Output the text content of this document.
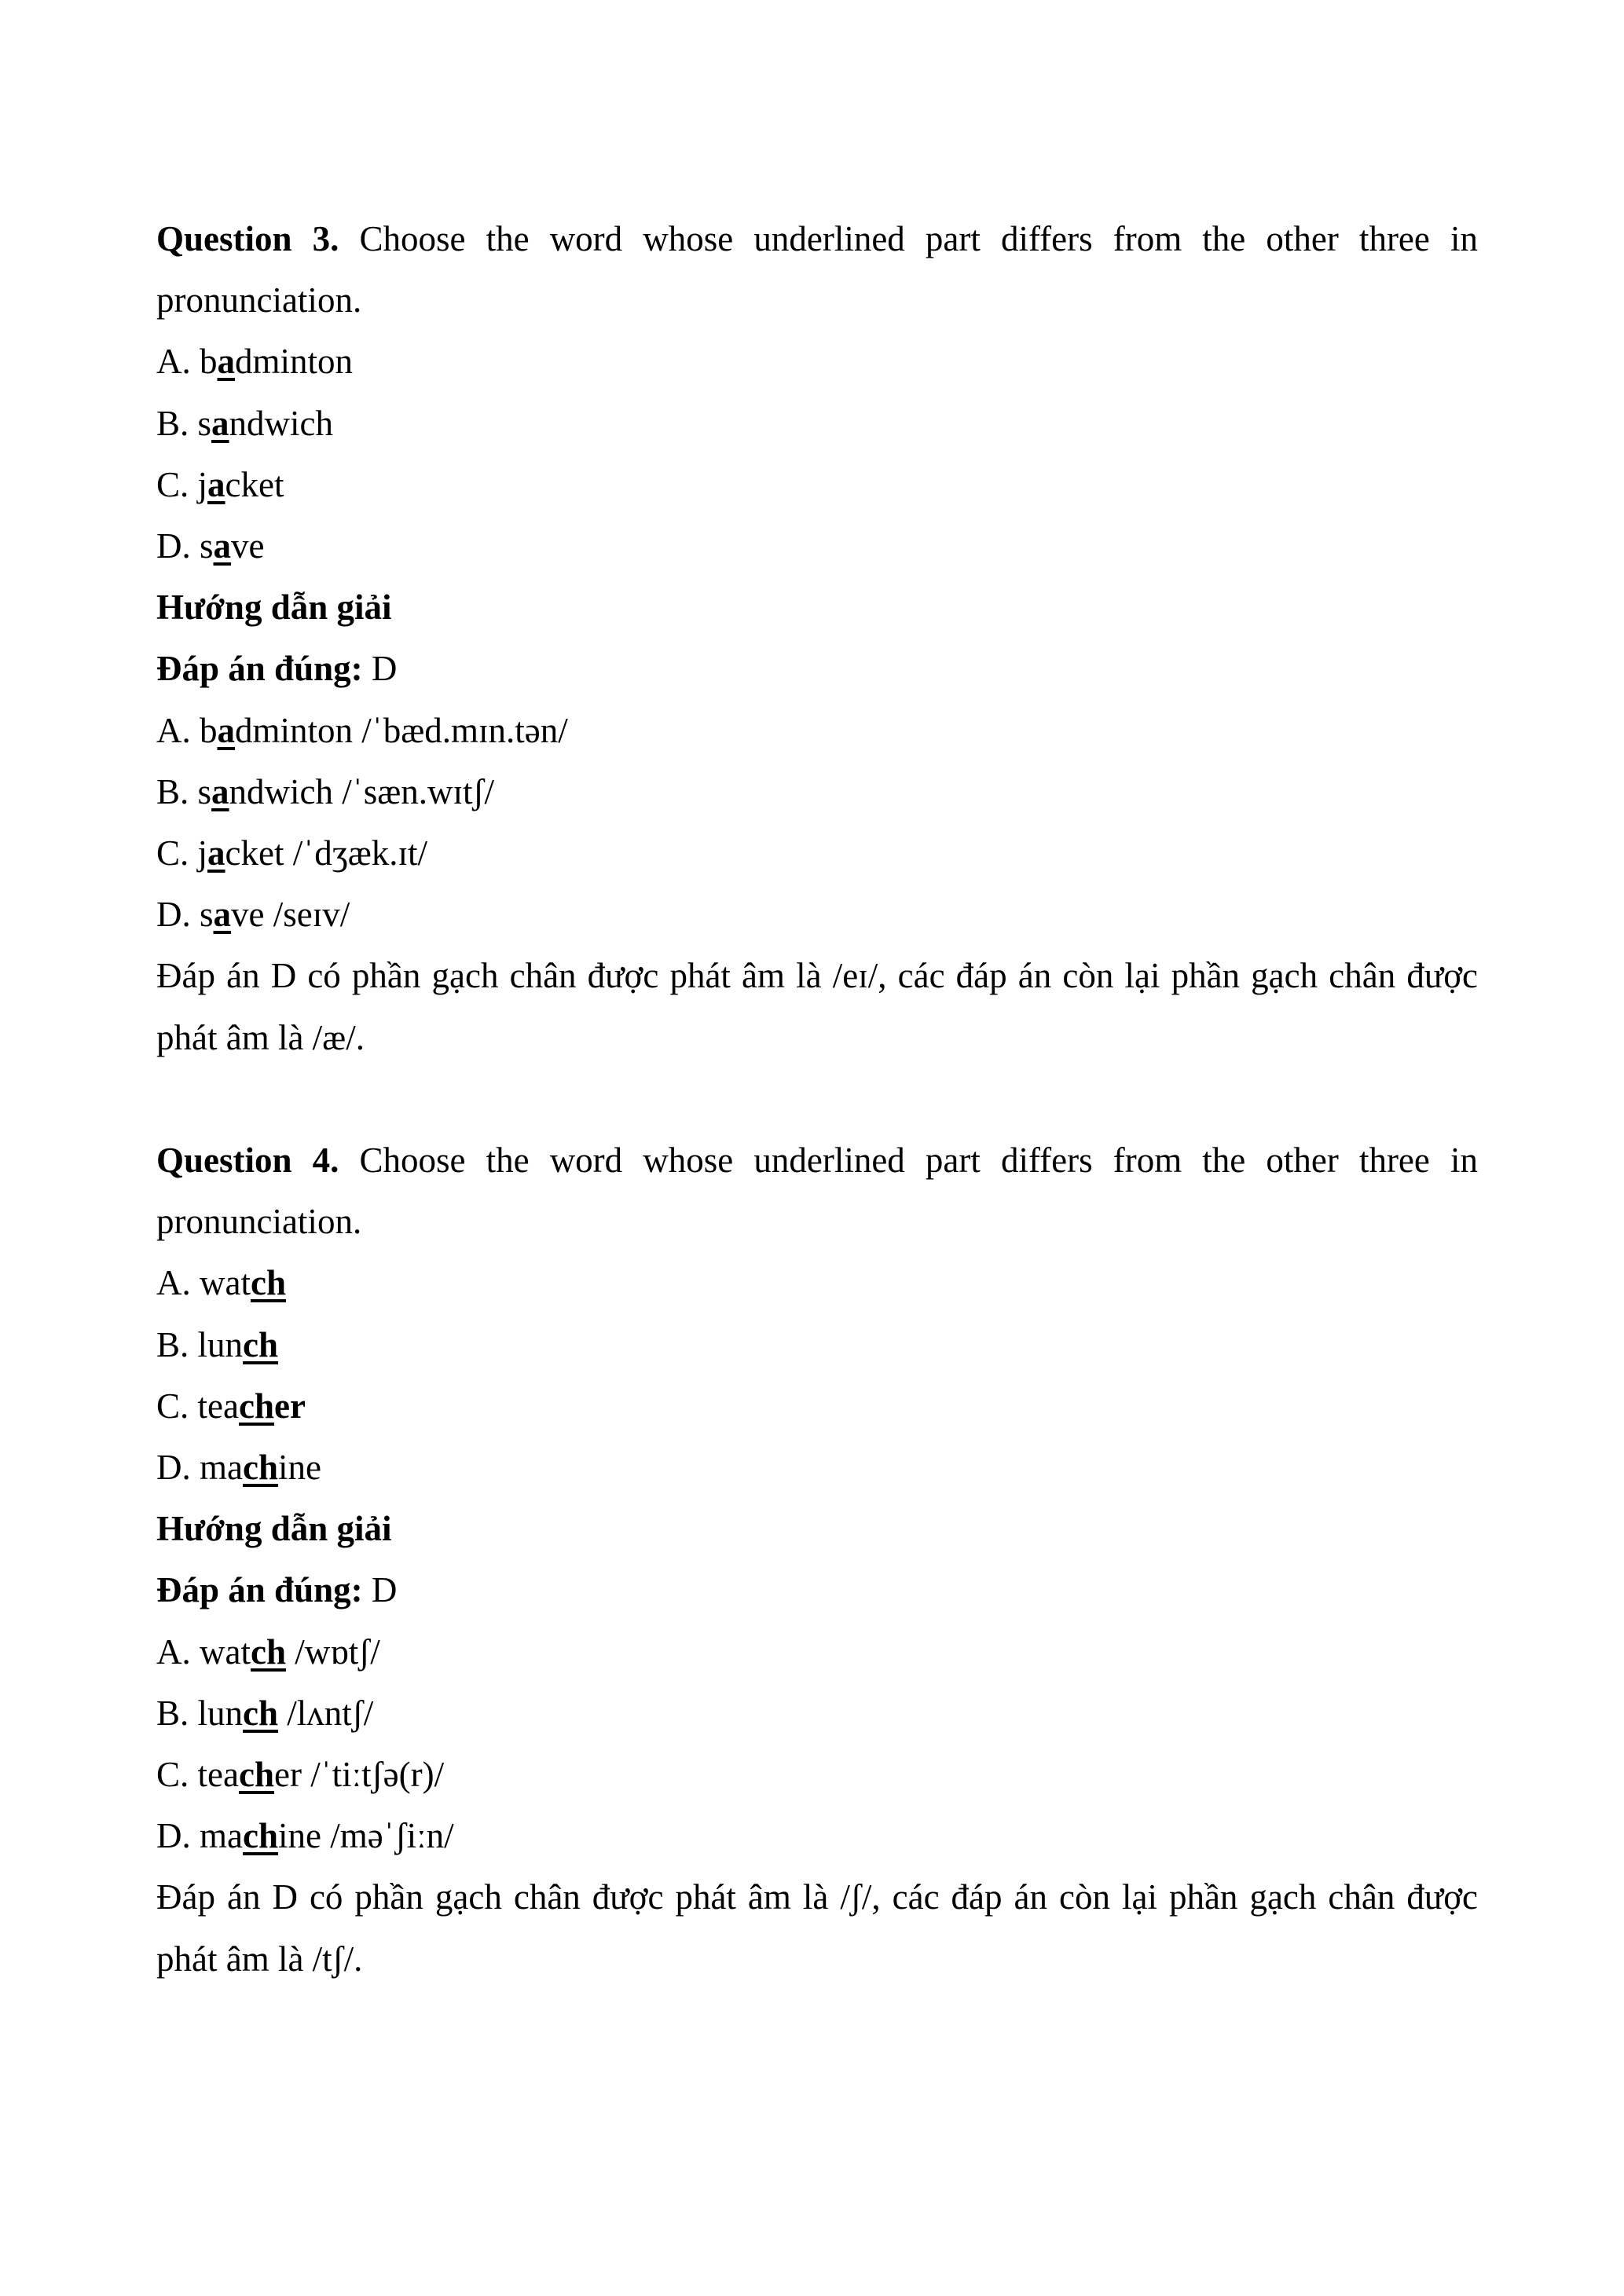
Question 3. Choose the word whose underlined part differs from the other three in pronunciation.
A. badminton
B. sandwich
C. jacket
D. save
Hướng dẫn giải
Đáp án đúng: D
A. badminton /ˈbæd.mɪn.tən/
B. sandwich /ˈsæn.wɪtʃ/
C. jacket /ˈdʒæk.ɪt/
D. save /seɪv/
Đáp án D có phần gạch chân được phát âm là /eɪ/, các đáp án còn lại phần gạch chân được phát âm là /æ/.
Question 4. Choose the word whose underlined part differs from the other three in pronunciation.
A. watch
B. lunch
C. teacher
D. machine
Hướng dẫn giải
Đáp án đúng: D
A. watch /wɒtʃ/
B. lunch /lʌntʃ/
C. teacher /ˈtiːtʃə(r)/
D. machine /məˈʃiːn/
Đáp án D có phần gạch chân được phát âm là /ʃ/, các đáp án còn lại phần gạch chân được phát âm là /tʃ/.
